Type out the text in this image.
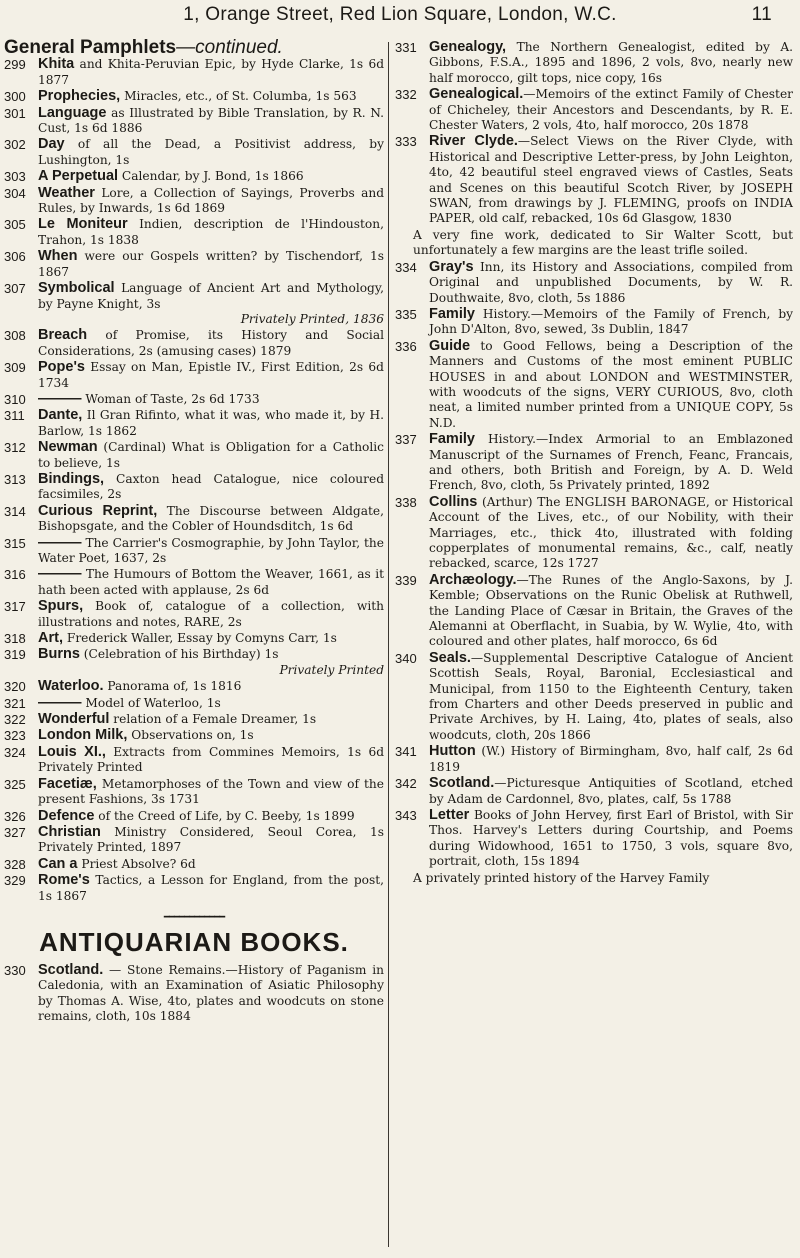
1, Orange Street, Red Lion Square, London, W.C.	11
General Pamphlets—continued.
299 Khita and Khita-Peruvian Epic, by Hyde Clarke, 1s 6d 1877
300 Prophecies, Miracles, etc., of St. Columba, 1s 563
301 Language as Illustrated by Bible Translation, by R. N. Cust, 1s 6d 1886
302 Day of all the Dead, a Positivist address, by Lushington, 1s
303 A Perpetual Calendar, by J. Bond, 1s 1866
304 Weather Lore, a Collection of Sayings, Proverbs and Rules, by Inwards, 1s 6d 1869
305 Le Moniteur Indien, description de l'Hindouston, Trahon, 1s 1838
306 When were our Gospels written? by Tischendorf, 1s 1867
307 Symbolical Language of Ancient Art and Mythology, by Payne Knight, 3s
Privately Printed, 1836
308 Breach of Promise, its History and Social Considerations, 2s (amusing cases) 1879
309 Pope's Essay on Man, Epistle IV., First Edition, 2s 6d 1734
310 ——— Woman of Taste, 2s 6d 1733
311 Dante, Il Gran Rifinto, what it was, who made it, by H. Barlow, 1s 1862
312 Newman (Cardinal) What is Obligation for a Catholic to believe, 1s
313 Bindings, Caxton head Catalogue, nice coloured facsimiles, 2s
314 Curious Reprint, The Discourse between Aldgate, Bishopsgate, and the Cobler of Houndsditch, 1s 6d
315 ——— The Carrier's Cosmographie, by John Taylor, the Water Poet, 1637, 2s
316 ——— The Humours of Bottom the Weaver, 1661, as it hath been acted with applause, 2s 6d
317 Spurs, Book of, catalogue of a collection, with illustrations and notes, RARE, 2s
318 Art, Frederick Waller, Essay by Comyns Carr, 1s
319 Burns (Celebration of his Birthday) 1s
Privately Printed
320 Waterloo. Panorama of, 1s 1816
321 ——— Model of Waterloo, 1s
322 Wonderful relation of a Female Dreamer, 1s
323 London Milk, Observations on, 1s
324 Louis XI., Extracts from Commines Memoirs, 1s 6d Privately Printed
325 Facetiæ, Metamorphoses of the Town and view of the present Fashions, 3s 1731
326 Defence of the Creed of Life, by C. Beeby, 1s 1899
327 Christian Ministry Considered, Seoul Corea, 1s Privately Printed, 1897
328 Can a Priest Absolve? 6d
329 Rome's Tactics, a Lesson for England, from the post, 1s 1867
━━━━━━━━━━━━
ANTIQUARIAN BOOKS.
330 Scotland. — Stone Remains.—History of Paganism in Caledonia, with an Examination of Asiatic Philosophy by Thomas A. Wise, 4to, plates and woodcuts on stone remains, cloth, 10s 1884
331 Genealogy, The Northern Genealogist, edited by A. Gibbons, F.S.A., 1895 and 1896, 2 vols, 8vo, nearly new half morocco, gilt tops, nice copy, 16s
332 Genealogical.—Memoirs of the extinct Family of Chester of Chicheley, their Ancestors and Descendants, by R. E. Chester Waters, 2 vols, 4to, half morocco, 20s 1878
333 River Clyde.—Select Views on the River Clyde, with Historical and Descriptive Letter-press, by John Leighton, 4to, 42 beautiful steel engraved views of Castles, Seats and Scenes on this beautiful Scotch River, by JOSEPH SWAN, from drawings by J. FLEMING, proofs on INDIA PAPER, old calf, rebacked, 10s 6d Glasgow, 1830
A very fine work, dedicated to Sir Walter Scott, but unfortunately a few margins are the least trifle soiled.
334 Gray's Inn, its History and Associations, compiled from Original and unpublished Documents, by W. R. Douthwaite, 8vo, cloth, 5s 1886
335 Family History.—Memoirs of the Family of French, by John D'Alton, 8vo, sewed, 3s Dublin, 1847
336 Guide to Good Fellows, being a Description of the Manners and Customs of the most eminent PUBLIC HOUSES in and about LONDON and WESTMINSTER, with woodcuts of the signs, VERY CURIOUS, 8vo, cloth neat, a limited number printed from a UNIQUE COPY, 5s N.D.
337 Family History.—Index Armorial to an Emblazoned Manuscript of the Surnames of French, Feanc, Francais, and others, both British and Foreign, by A. D. Weld French, 8vo, cloth, 5s Privately printed, 1892
338 Collins (Arthur) The ENGLISH BARONAGE, or Historical Account of the Lives, etc., of our Nobility, with their Marriages, etc., thick 4to, illustrated with folding copperplates of monumental remains, &c., calf, neatly rebacked, scarce, 12s 1727
339 Archæology.—The Runes of the Anglo-Saxons, by J. Kemble; Observations on the Runic Obelisk at Ruthwell, the Landing Place of Cæsar in Britain, the Graves of the Alemanni at Oberflacht, in Suabia, by W. Wylie, 4to, with coloured and other plates, half morocco, 6s 6d
340 Seals.—Supplemental Descriptive Catalogue of Ancient Scottish Seals, Royal, Baronial, Ecclesiastical and Municipal, from 1150 to the Eighteenth Century, taken from Charters and other Deeds preserved in public and Private Archives, by H. Laing, 4to, plates of seals, also woodcuts, cloth, 20s 1866
341 Hutton (W.) History of Birmingham, 8vo, half calf, 2s 6d 1819
342 Scotland.—Picturesque Antiquities of Scotland, etched by Adam de Cardonnel, 8vo, plates, calf, 5s 1788
343 Letter Books of John Hervey, first Earl of Bristol, with Sir Thos. Harvey's Letters during Courtship, and Poems during Widowhood, 1651 to 1750, 3 vols, square 8vo, portrait, cloth, 15s 1894
A privately printed history of the Harvey Family
